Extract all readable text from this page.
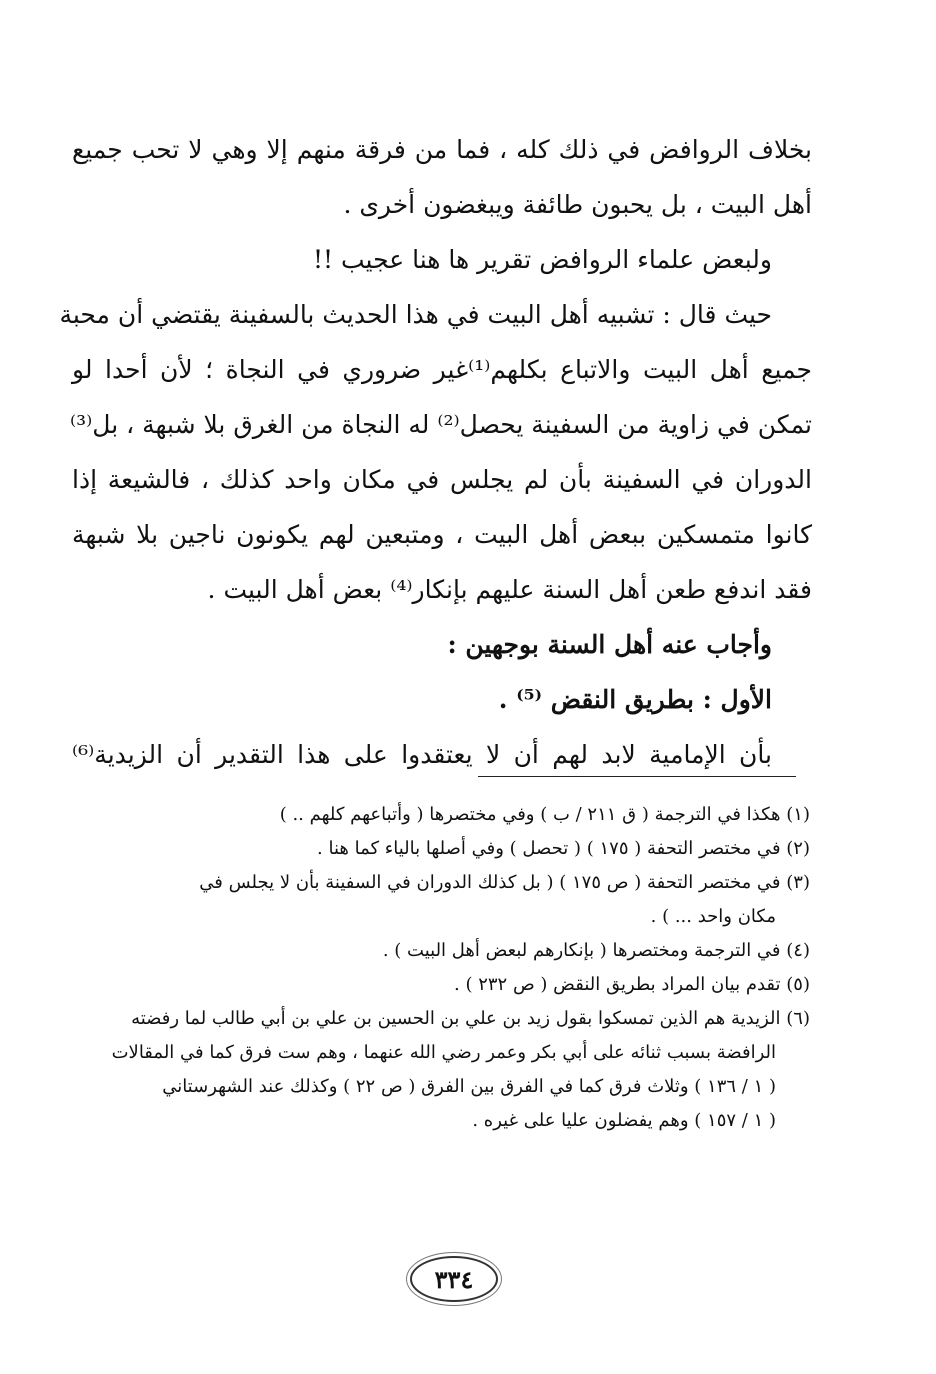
بخلاف الروافض في ذلك كله ، فما من فرقة منهم إلا وهي لا تحب جميع
أهل البيت ، بل يحبون طائفة ويبغضون أخرى .
ولبعض علماء الروافض تقرير ها هنا عجيب !!
حيث قال : تشبيه أهل البيت في هذا الحديث بالسفينة يقتضي أن محبة
جميع أهل البيت والاتباع بكلهم⁽¹⁾غير ضروري في النجاة ؛ لأن أحدا لو
تمكن في زاوية من السفينة يحصل⁽²⁾ له النجاة من الغرق بلا شبهة ، بل⁽³⁾
الدوران في السفينة بأن لم يجلس في مكان واحد كذلك ، فالشيعة إذا
كانوا متمسكين ببعض أهل البيت ، ومتبعين لهم يكونون ناجين بلا شبهة
فقد اندفع طعن أهل السنة عليهم بإنكار⁽⁴⁾ بعض أهل البيت .
وأجاب عنه أهل السنة بوجهين :
الأول : بطريق النقض ⁽⁵⁾ .
بأن الإمامية لابد لهم أن لا يعتقدوا على هذا التقدير أن الزيدية⁽⁶⁾
(١) هكذا في الترجمة ( ق ٢١١ / ب ) وفي مختصرها ( وأتباعهم كلهم .. )
(٢) في مختصر التحفة ( ١٧٥ ) ( تحصل ) وفي أصلها بالياء كما هنا .
(٣) في مختصر التحفة ( ص ١٧٥ ) ( بل كذلك الدوران في السفينة بأن لا يجلس في
مكان واحد ... ) .
(٤) في الترجمة ومختصرها ( بإنكارهم لبعض أهل البيت ) .
(٥) تقدم بيان المراد بطريق النقض ( ص ٢٣٢ ) .
(٦) الزيدية هم الذين تمسكوا بقول زيد بن علي بن الحسين بن علي بن أبي طالب لما رفضته
الرافضة بسبب ثنائه على أبي بكر وعمر رضي الله عنهما ، وهم ست فرق كما في المقالات
( ١ / ١٣٦ ) وثلاث فرق كما في الفرق بين الفرق ( ص ٢٢ ) وكذلك عند الشهرستاني
( ١ / ١٥٧ ) وهم يفضلون عليا على غيره .
٣٣٤
